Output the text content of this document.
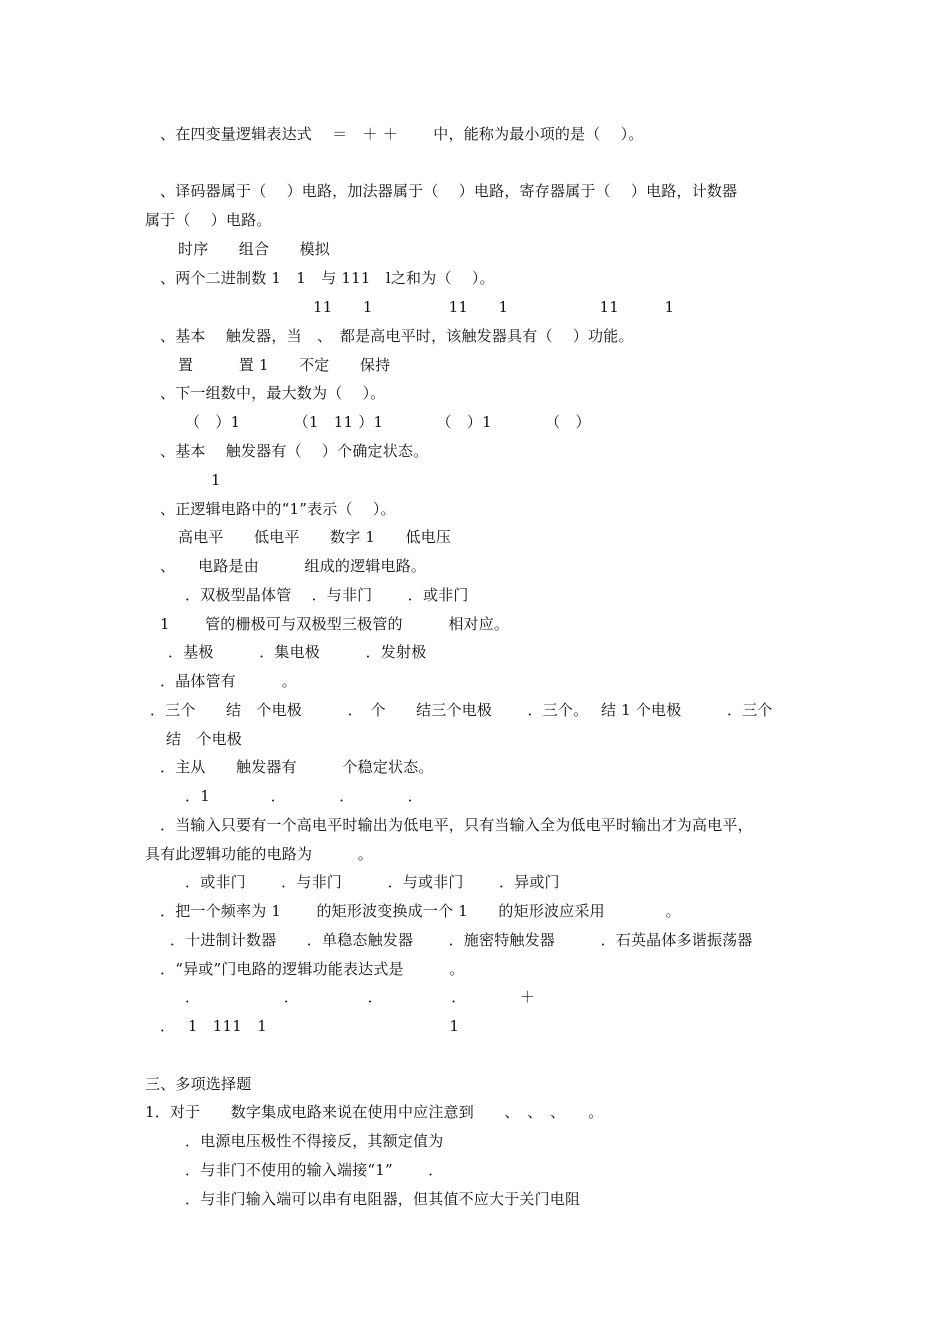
、在四变量逻辑表达式　 ＝　＋ ＋　　 中，能称为最小项的是（　 ）。
、译码器属于（　 ）电路，加法器属于（　 ）电路，寄存器属于（　 ）电路，计数器
属于（　 ）电路。
时序　　组合　　模拟
、两个二进制数 1　1　与 111　l之和为（　 ）。
11　　1　　　　　11　　1　　　　　　11　　　1
、基本　 触发器，当　、　都是高电平时，该触发器具有（　 ）功能。
置　　　置 1　　不定　　保持
、下一组数中，最大数为（　 ）。
（　）1　　　　（1　11 ）1　　　　（　）1　　　　（　）
、基本　 触发器有（　 ）个确定状态。
1
、正逻辑电路中的“1”表示（　 ）。
高电平　　低电平　　数字 1　　低电压
、　　电路是由　　　组成的逻辑电路。
．双极型晶体管　 ．与非门　　 ．或非门
1　　 管的栅极可与双极型三极管的　　　相对应。
．基极　　　．集电极　　　．发射极
．晶体管有　　　。
．三个　　结　个电极　　　．　个　　结三个电极　　 ．三个。　 结 1 个电极　　　．三个
结　个电极
．主从　　触发器有　　　个稳定状态。
．1　　　　．　　　　．　　　　．
．当输入只要有一个高电平时输出为低电平，只有当输入全为低电平时输出才为高电平，
具有此逻辑功能的电路为　　　。
．或非门　　 ．与非门　　　．与或非门　　 ．异或门
．把一个频率为 1　　 的矩形波变换成一个 1　　的矩形波应采用　　　　。
．十进制计数器　　．单稳态触发器　　 ．施密特触发器　　　．石英晶体多谐振荡器
．“异或”门电路的逻辑功能表达式是　　　。
．　　　　　　．　　　　　．　　　　　．　　　　＋
．　 1　111　1　　　　　　　　　　　　1
三、多项选择题
1．对于　　数字集成电路来说在使用中应注意到　　、　、　、　　。
．电源电压极性不得接反，其额定值为
．与非门不使用的输入端接“1”　　 ．
．与非门输入端可以串有电阻器，但其值不应大于关门电阻
